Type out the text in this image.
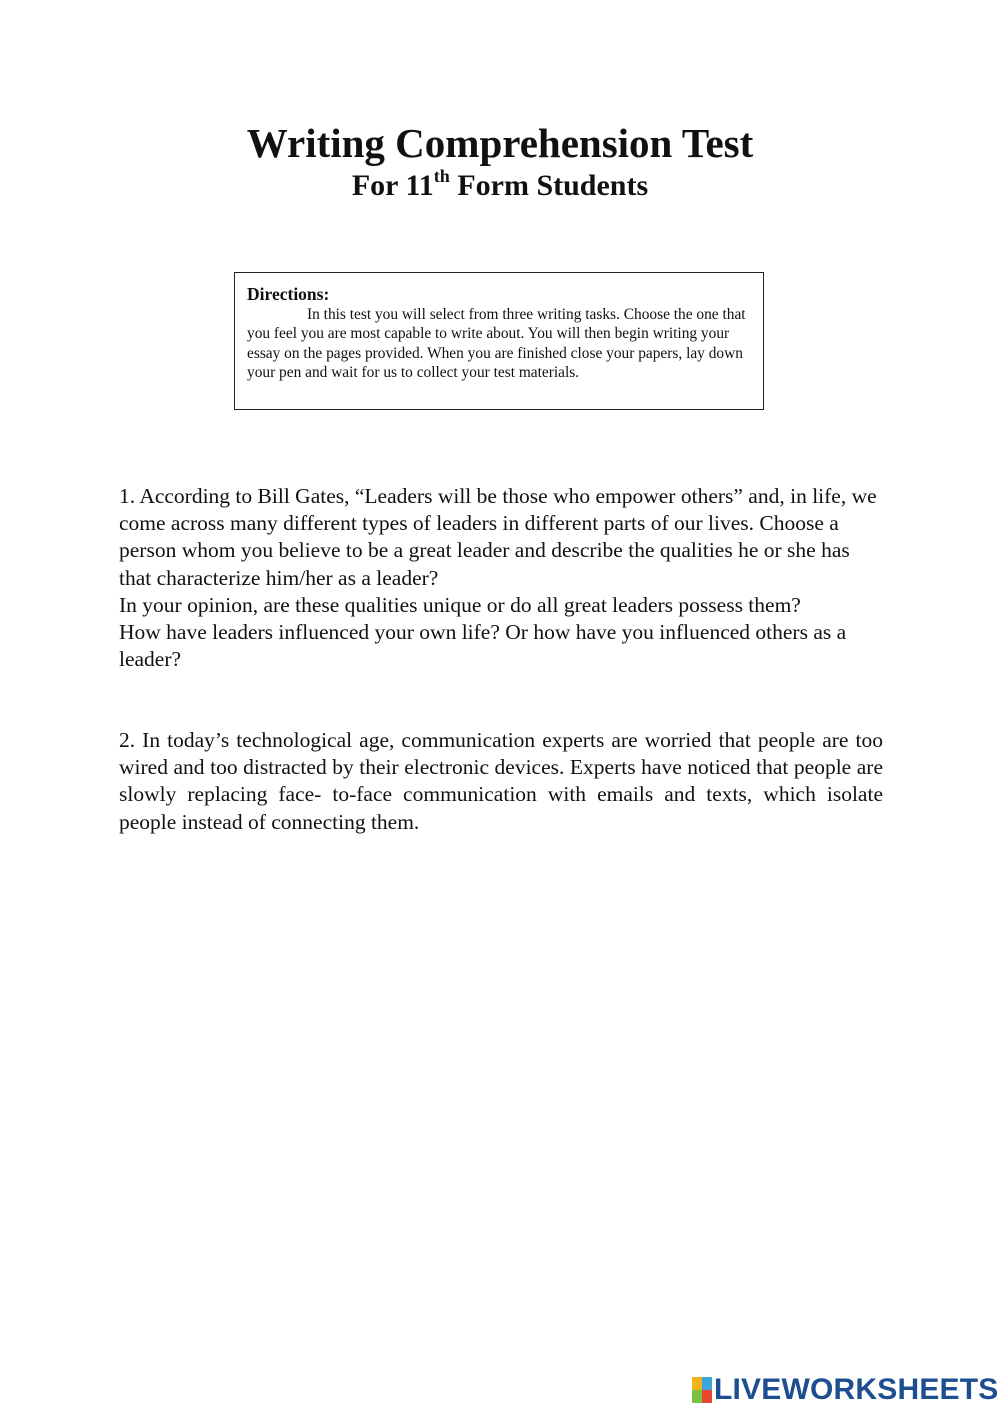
Writing Comprehension Test
For 11th Form Students
Directions:
In this test you will select from three writing tasks. Choose the one that you feel you are most capable to write about. You will then begin writing your essay on the pages provided. When you are finished close your papers, lay down your pen and wait for us to collect your test materials.
1. According to Bill Gates, “Leaders will be those who empower others” and, in life, we come across many different types of leaders in different parts of our lives. Choose a person whom you believe to be a great leader and describe the qualities he or she has that characterize him/her as a leader?
In your opinion, are these qualities unique or do all great leaders possess them?
How have leaders influenced your own life? Or how have you influenced others as a leader?
2. In today’s technological age, communication experts are worried that people are too wired and too distracted by their electronic devices. Experts have noticed that people are slowly replacing face- to-face communication with emails and texts, which isolate people instead of connecting them.
LIVEWORKSHEETS
